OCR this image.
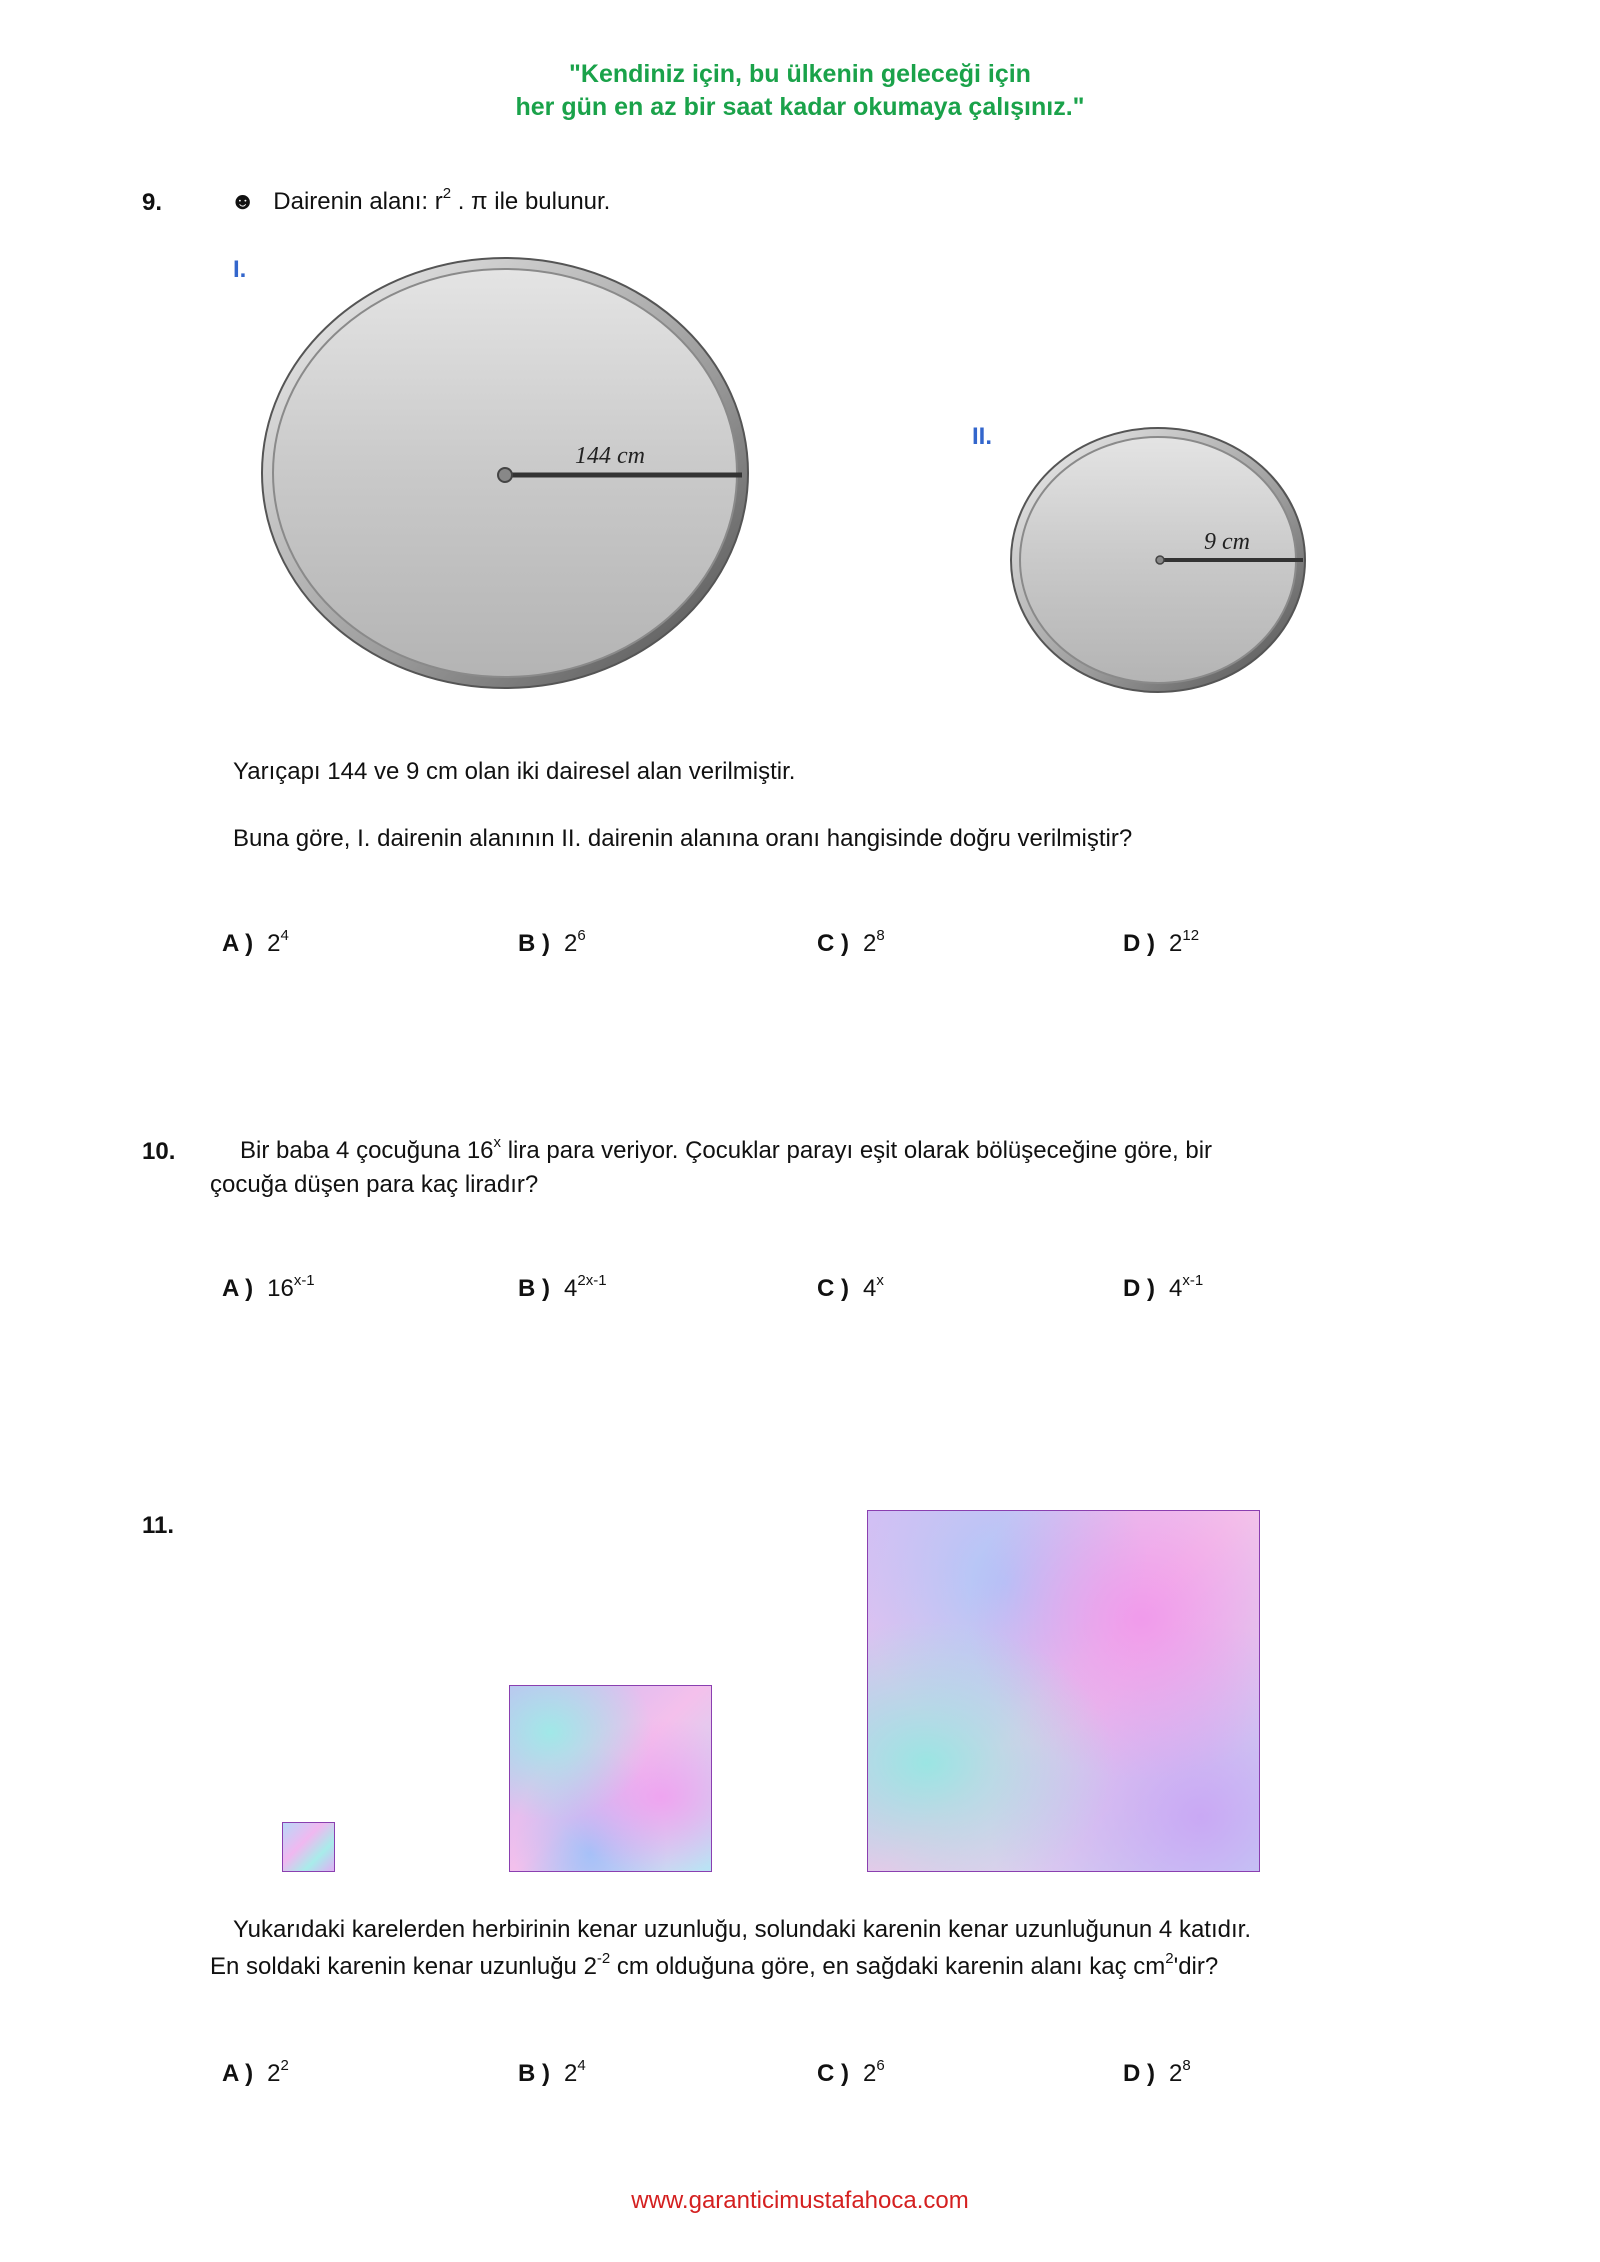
"Kendiniz için, bu ülkenin geleceği için
her gün en az bir saat kadar okumaya çalışınız."
9.	☻ Dairenin alanı: $r^2$ . π ile bulunur.
I.
II.
144 cm
9 cm
Yarıçapı 144 ve 9 cm olan iki dairesel alan verilmiştir.
Buna göre, I. dairenin alanının II. dairenin alanına oranı hangisinde doğru verilmiştir?
A ) $2^4$	B ) $2^6$	C ) $2^8$	D ) $2^{12}$
10.	Bir baba 4 çocuğuna 16$^x$ lira para veriyor. Çocuklar parayı eşit olarak bölüşeceğine göre, bir
çocuğa düşen para kaç liradır?
A ) 16$^{x-1}$	B ) $4^{2x-1}$	C ) 4$^x$	D ) 4$^{x-1}$
11.
Yukarıdaki karelerden herbirinin kenar uzunluğu, solundaki karenin kenar uzunluğunun 4 katıdır.
En soldaki karenin kenar uzunluğu $2^{-2}$ cm olduğuna göre, en sağdaki karenin alanı kaç $cm^2'dir$?
A ) $2^2$	B ) $2^4$	C ) $2^6$	D ) $2^8$
www.garanticimustafahoca.com
